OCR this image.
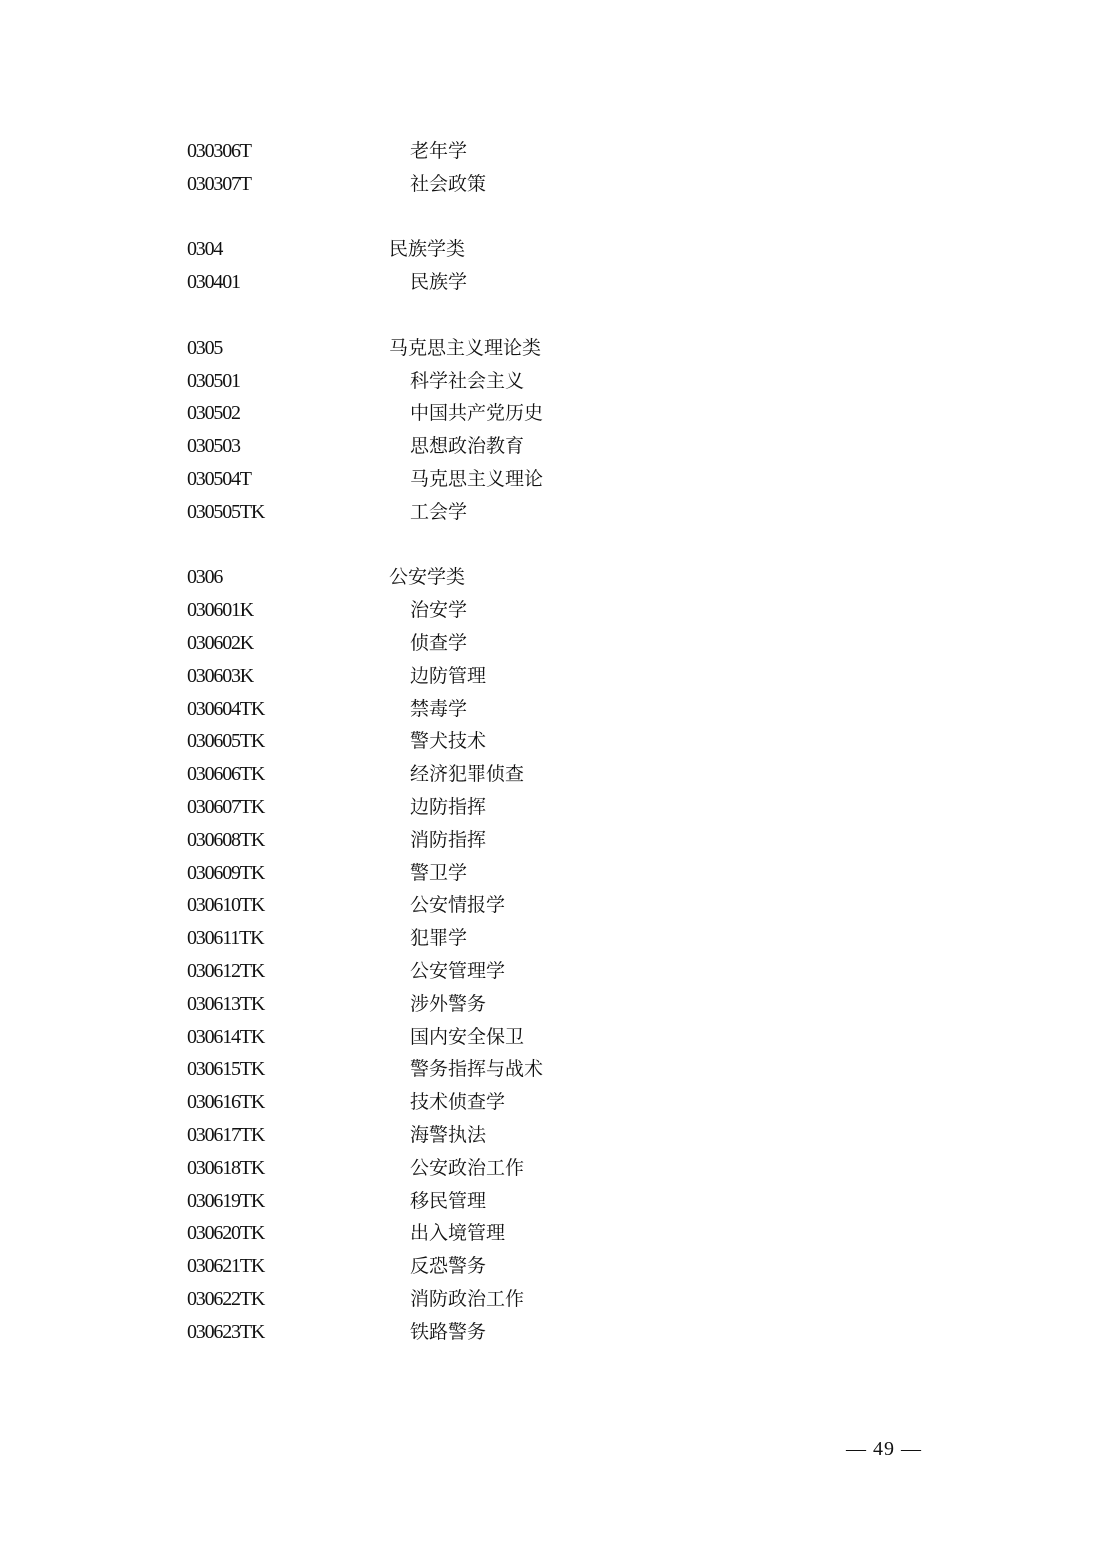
030306T	老年学
030307T	社会政策
0304	民族学类
030401	民族学
0305	马克思主义理论类
030501	科学社会主义
030502	中国共产党历史
030503	思想政治教育
030504T	马克思主义理论
030505TK	工会学
0306	公安学类
030601K	治安学
030602K	侦查学
030603K	边防管理
030604TK	禁毒学
030605TK	警犬技术
030606TK	经济犯罪侦查
030607TK	边防指挥
030608TK	消防指挥
030609TK	警卫学
030610TK	公安情报学
030611TK	犯罪学
030612TK	公安管理学
030613TK	涉外警务
030614TK	国内安全保卫
030615TK	警务指挥与战术
030616TK	技术侦查学
030617TK	海警执法
030618TK	公安政治工作
030619TK	移民管理
030620TK	出入境管理
030621TK	反恐警务
030622TK	消防政治工作
030623TK	铁路警务
— 49 —
